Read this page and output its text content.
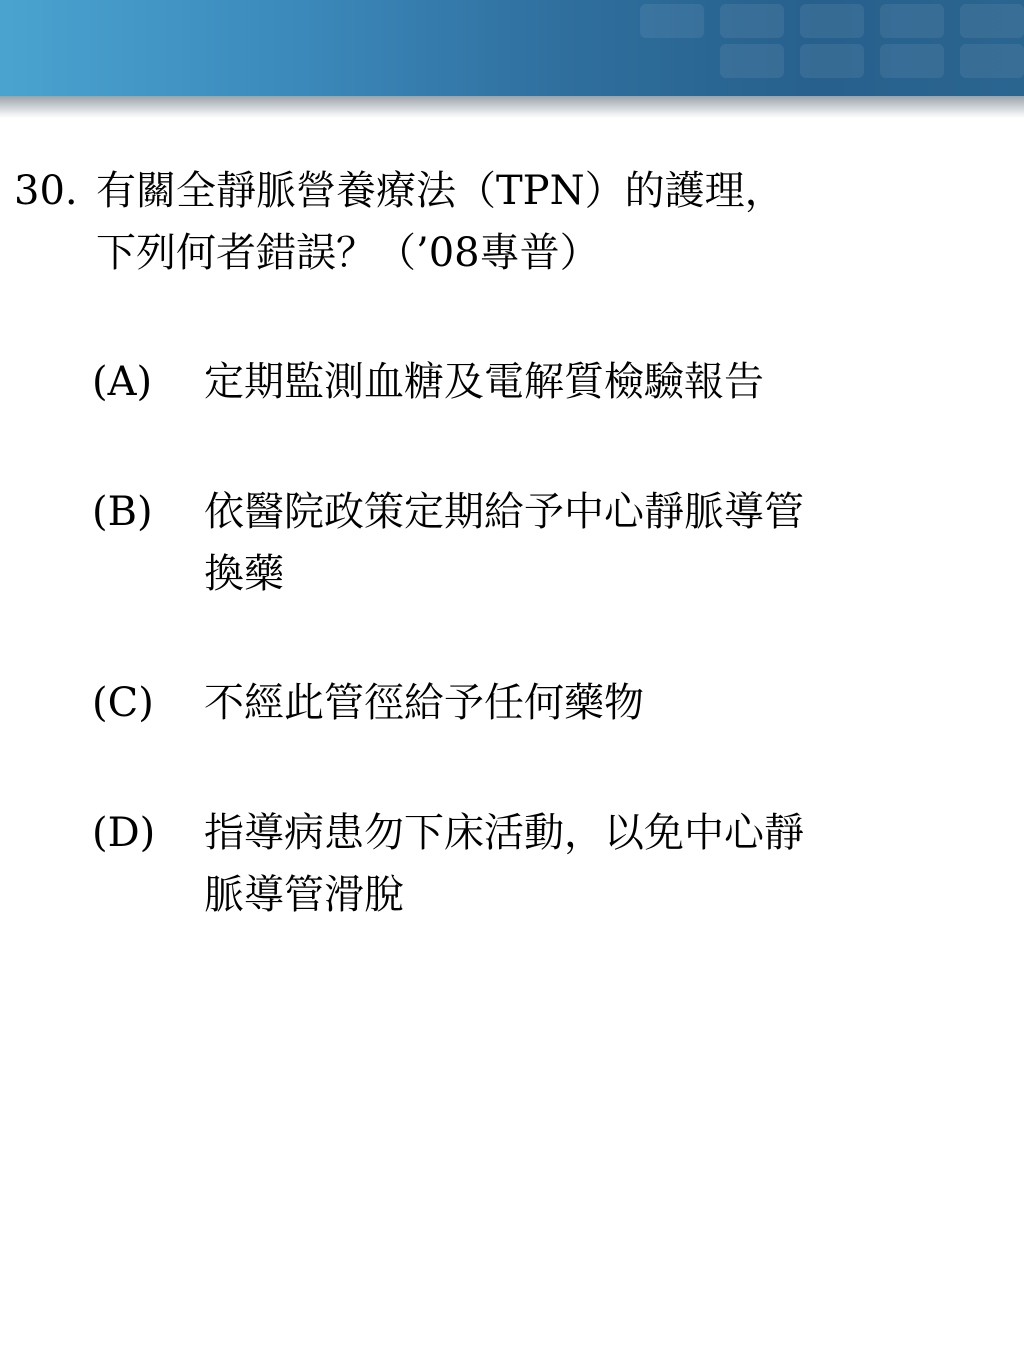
30. 有關全靜脈營養療法（TPN）的護理，
下列何者錯誤？（’08專普）
(A)	定期監測血糖及電解質檢驗報告
(B)	依醫院政策定期給予中心靜脈導管
換藥
(C)	不經此管徑給予任何藥物
(D)	指導病患勿下床活動，以免中心靜
脈導管滑脫
